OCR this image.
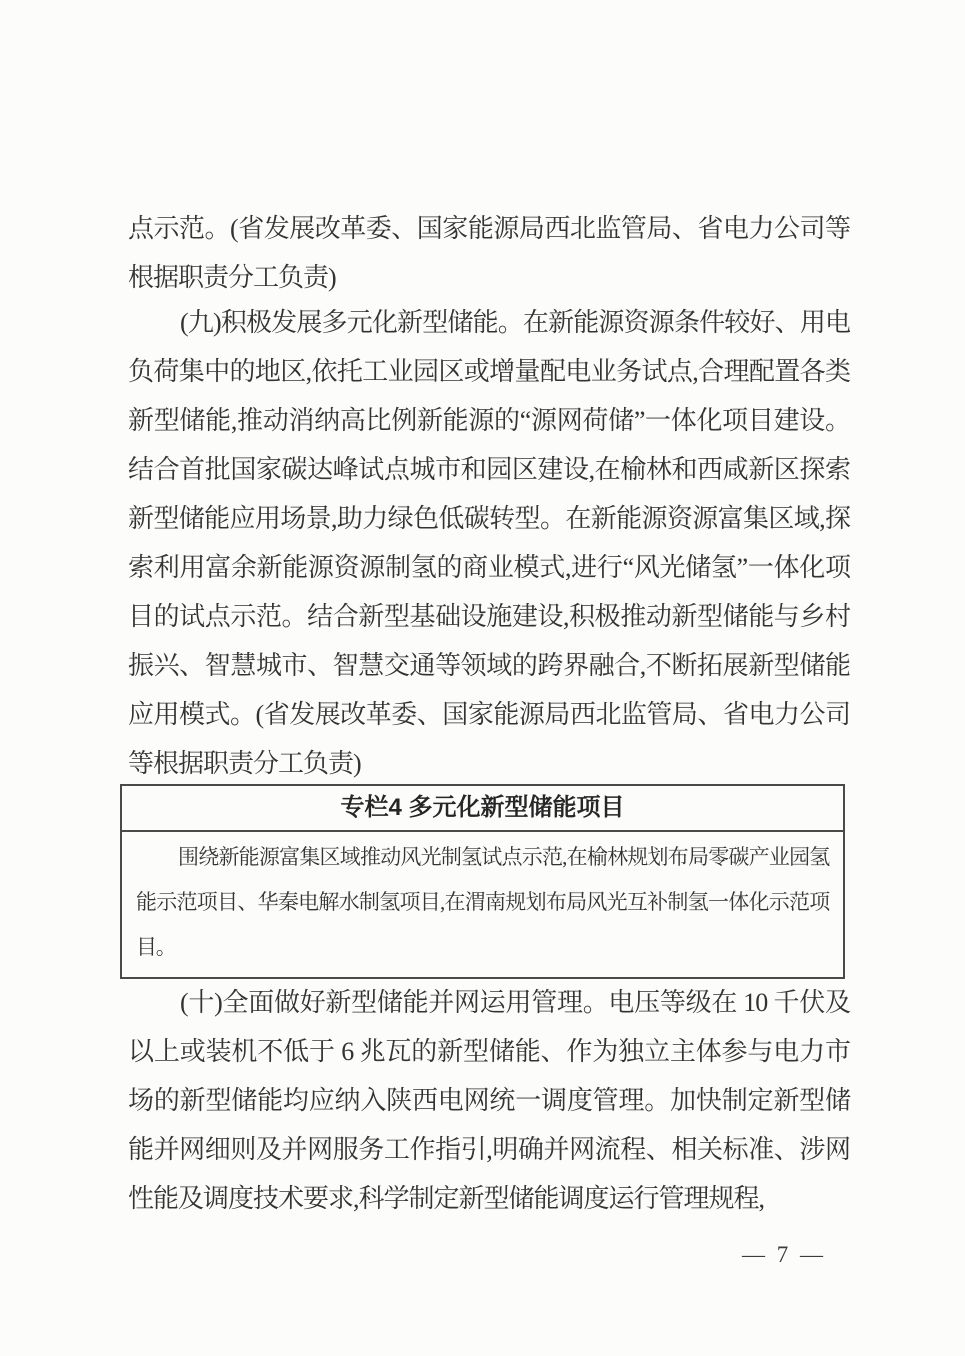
点示范。(省发展改革委、国家能源局西北监管局、省电力公司等根据职责分工负责)

(九)积极发展多元化新型储能。在新能源资源条件较好、用电负荷集中的地区,依托工业园区或增量配电业务试点,合理配置各类新型储能,推动消纳高比例新能源的“源网荷储”一体化项目建设。结合首批国家碳达峰试点城市和园区建设,在榆林和西咸新区探索新型储能应用场景,助力绿色低碳转型。在新能源资源富集区域,探索利用富余新能源资源制氢的商业模式,进行“风光储氢”一体化项目的试点示范。结合新型基础设施建设,积极推动新型储能与乡村振兴、智慧城市、智慧交通等领域的跨界融合,不断拓展新型储能应用模式。(省发展改革委、国家能源局西北监管局、省电力公司等根据职责分工负责)

专栏4 多元化新型储能项目
围绕新能源富集区域推动风光制氢试点示范,在榆林规划布局零碳产业园氢能示范项目、华秦电解水制氢项目,在渭南规划布局风光互补制氢一体化示范项目。

(十)全面做好新型储能并网运用管理。电压等级在 10 千伏及以上或装机不低于 6 兆瓦的新型储能、作为独立主体参与电力市场的新型储能均应纳入陕西电网统一调度管理。加快制定新型储能并网细则及并网服务工作指引,明确并网流程、相关标准、涉网性能及调度技术要求,科学制定新型储能调度运行管理规程,

— 7 —
